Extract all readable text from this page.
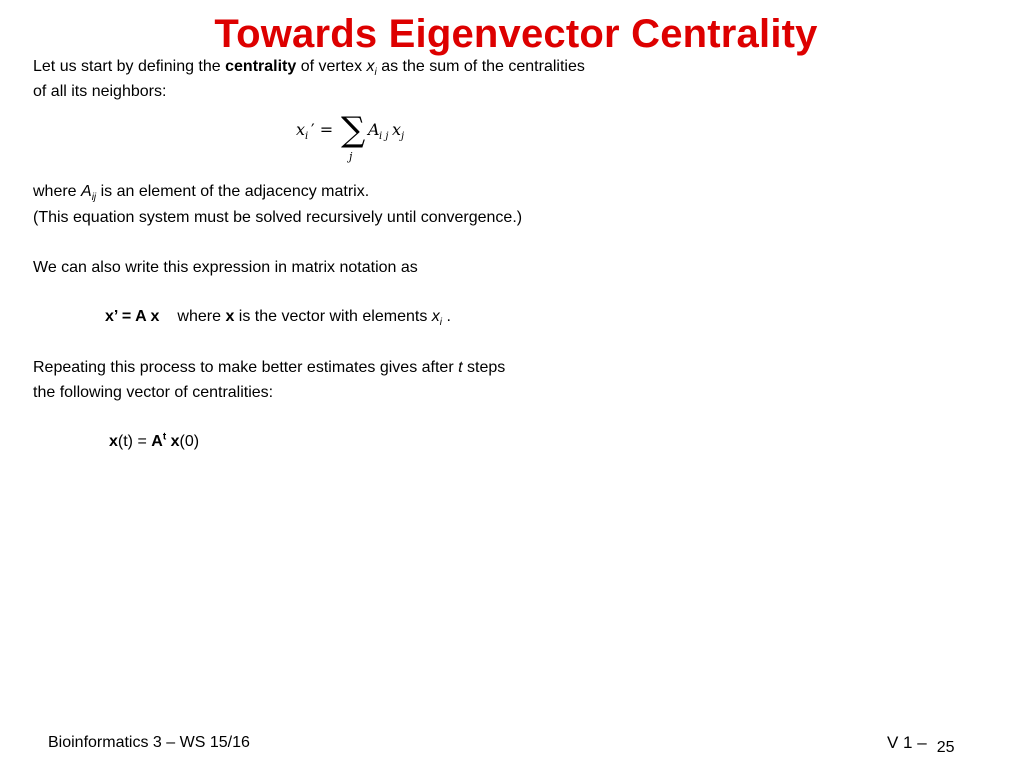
Towards Eigenvector Centrality
Let us start by defining the centrality of vertex $x_i$ as the sum of the centralities
of all its neighbors:
x i ′ = ∑
j
A i j x j
where $A_{ij}$ is an element of the adjacency matrix.
(This equation system must be solved recursively until convergence.)
We can also write this expression in matrix notation as
x’ = A x where x is the vector with elements $x_i$ .
Repeating this process to make better estimates gives after t steps
the following vector of centralities:
$x(t) = A^t$ x(0)
Bioinformatics 3 – WS 15/16	V 1 – 25
